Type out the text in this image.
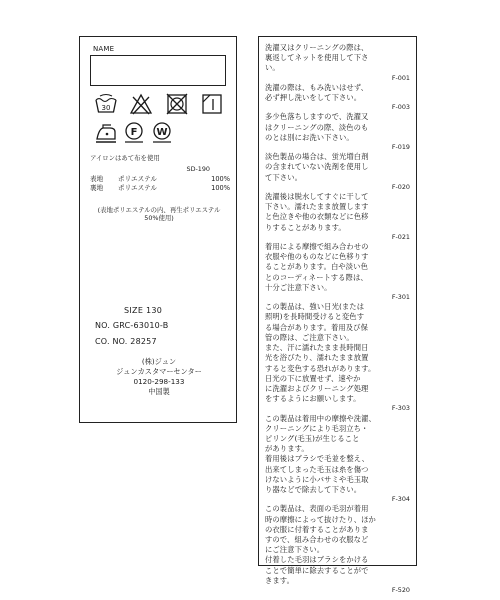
NAME
30
F W
アイロンはあて布を使用
SD-190
表地	ポリエステル	100%
裏地	ポリエステル	100%
(表地ポリエステルの内、再生ポリエステル
50%使用)
SIZE 130
NO. GRC-63010-B
CO. NO. 28257
(株)ジュン
ジュンカスタマーセンター
0120-298-133
中国製
洗濯又はクリーニングの際は、
裏返してネットを使用して下さ
い。
F-001
洗濯の際は、もみ洗いはせず、
必ず押し洗いをして下さい。
F-003
多少色落ちしますので、洗濯又
はクリーニングの際、淡色のも
のとは別にお洗い下さい。
F-019
淡色製品の場合は、蛍光増白剤
の含まれていない洗剤を使用し
て下さい。
F-020
洗濯後は脱水してすぐに干して
下さい。濡れたまま放置します
と色泣きや他の衣類などに色移
りすることがあります。
F-021
着用による摩擦で組み合わせの
衣服や他のものなどに色移りす
ることがあります。白や淡い色
とのコーディネートする際は、
十分ご注意下さい。
F-301
この製品は、強い日光(または
照明)を長時間受けると変色す
る場合があります。着用及び保
管の際は、ご注意下さい。
また、汗に濡れたまま長時間日
光を浴びたり、濡れたまま放置
すると変色する恐れがあります。
日光の下に放置せず、速やか
に洗濯およびクリーニング処理
をするようにお願いします。
F-303
この製品は着用中の摩擦や洗濯、
クリーニングにより毛羽立ち・
ピリング(毛玉)が生じること
があります。
着用後はブラシで毛並を整え、
出来てしまった毛玉は糸を傷つ
けないように小バサミや毛玉取
り器などで除去して下さい。
F-304
この製品は、表面の毛羽が着用
時の摩擦によって抜けたり、ほか
の衣服に付着することがありま
すので、組み合わせの衣服など
にご注意下さい。
付着した毛羽はブラシをかける
ことで簡単に除去することがで
きます。
F-520
